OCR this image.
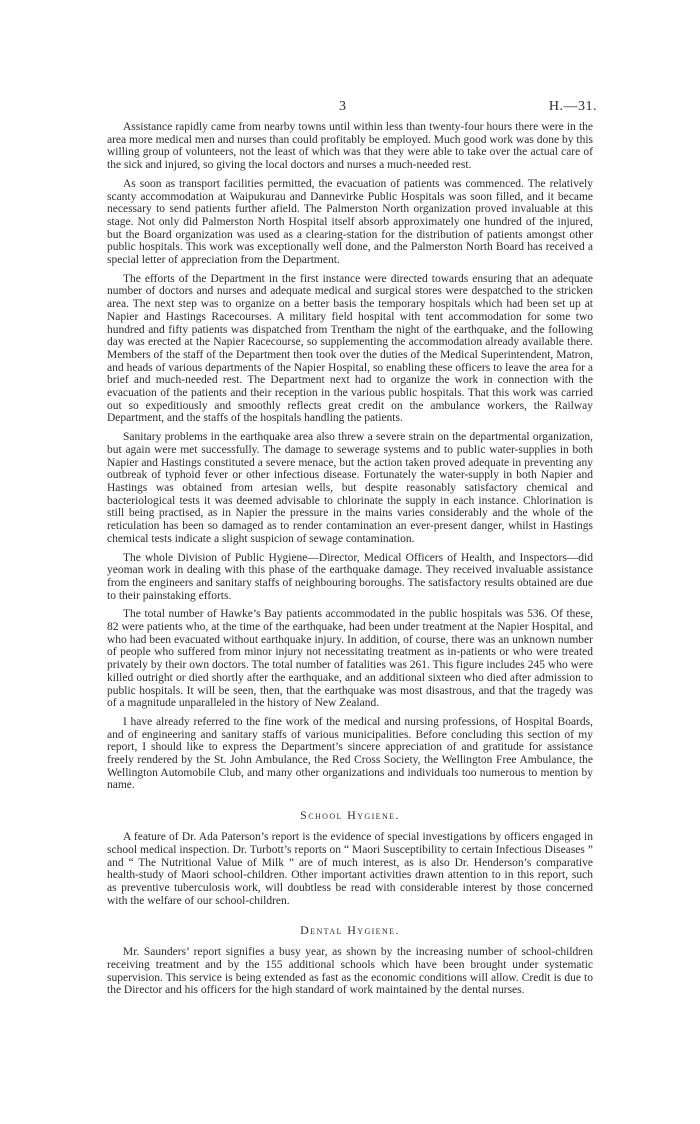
3	H.—31.

Assistance rapidly came from nearby towns until within less than twenty-four hours there were in the area more medical men and nurses than could profitably be employed. Much good work was done by this willing group of volunteers, not the least of which was that they were able to take over the actual care of the sick and injured, so giving the local doctors and nurses a much-needed rest.

As soon as transport facilities permitted, the evacuation of patients was commenced. The relatively scanty accommodation at Waipukurau and Dannevirke Public Hospitals was soon filled, and it became necessary to send patients further afield. The Palmerston North organization proved invaluable at this stage. Not only did Palmerston North Hospital itself absorb approximately one hundred of the injured, but the Board organization was used as a clearing-station for the distribution of patients amongst other public hospitals. This work was exceptionally well done, and the Palmerston North Board has received a special letter of appreciation from the Department.

The efforts of the Department in the first instance were directed towards ensuring that an adequate number of doctors and nurses and adequate medical and surgical stores were despatched to the stricken area. The next step was to organize on a better basis the temporary hospitals which had been set up at Napier and Hastings Racecourses. A military field hospital with tent accommodation for some two hundred and fifty patients was dispatched from Trentham the night of the earthquake, and the following day was erected at the Napier Racecourse, so supplementing the accommodation already available there. Members of the staff of the Department then took over the duties of the Medical Superintendent, Matron, and heads of various departments of the Napier Hospital, so enabling these officers to leave the area for a brief and much-needed rest. The Department next had to organize the work in connection with the evacuation of the patients and their reception in the various public hospitals. That this work was carried out so expeditiously and smoothly reflects great credit on the ambulance workers, the Railway Department, and the staffs of the hospitals handling the patients.

Sanitary problems in the earthquake area also threw a severe strain on the departmental organization, but again were met successfully. The damage to sewerage systems and to public water-supplies in both Napier and Hastings constituted a severe menace, but the action taken proved adequate in preventing any outbreak of typhoid fever or other infectious disease. Fortunately the water-supply in both Napier and Hastings was obtained from artesian wells, but despite reasonably satisfactory chemical and bacteriological tests it was deemed advisable to chlorinate the supply in each instance. Chlorination is still being practised, as in Napier the pressure in the mains varies considerably and the whole of the reticulation has been so damaged as to render contamination an ever-present danger, whilst in Hastings chemical tests indicate a slight suspicion of sewage contamination.

The whole Division of Public Hygiene—Director, Medical Officers of Health, and Inspectors—did yeoman work in dealing with this phase of the earthquake damage. They received invaluable assistance from the engineers and sanitary staffs of neighbouring boroughs. The satisfactory results obtained are due to their painstaking efforts.

The total number of Hawke’s Bay patients accommodated in the public hospitals was 536. Of these, 82 were patients who, at the time of the earthquake, had been under treatment at the Napier Hospital, and who had been evacuated without earthquake injury. In addition, of course, there was an unknown number of people who suffered from minor injury not necessitating treatment as in-patients or who were treated privately by their own doctors. The total number of fatalities was 261. This figure includes 245 who were killed outright or died shortly after the earthquake, and an additional sixteen who died after admission to public hospitals. It will be seen, then, that the earthquake was most disastrous, and that the tragedy was of a magnitude unparalleled in the history of New Zealand.

I have already referred to the fine work of the medical and nursing professions, of Hospital Boards, and of engineering and sanitary staffs of various municipalities. Before concluding this section of my report, I should like to express the Department’s sincere appreciation of and gratitude for assistance freely rendered by the St. John Ambulance, the Red Cross Society, the Wellington Free Ambulance, the Wellington Automobile Club, and many other organizations and individuals too numerous to mention by name.

School Hygiene.

A feature of Dr. Ada Paterson’s report is the evidence of special investigations by officers engaged in school medical inspection. Dr. Turbott’s reports on “ Maori Susceptibility to certain Infectious Diseases ” and “ The Nutritional Value of Milk ” are of much interest, as is also Dr. Henderson’s comparative health-study of Maori school-children. Other important activities drawn attention to in this report, such as preventive tuberculosis work, will doubtless be read with considerable interest by those concerned with the welfare of our school-children.

Dental Hygiene.

Mr. Saunders’ report signifies a busy year, as shown by the increasing number of school-children receiving treatment and by the 155 additional schools which have been brought under systematic supervision. This service is being extended as fast as the economic conditions will allow. Credit is due to the Director and his officers for the high standard of work maintained by the dental nurses.
